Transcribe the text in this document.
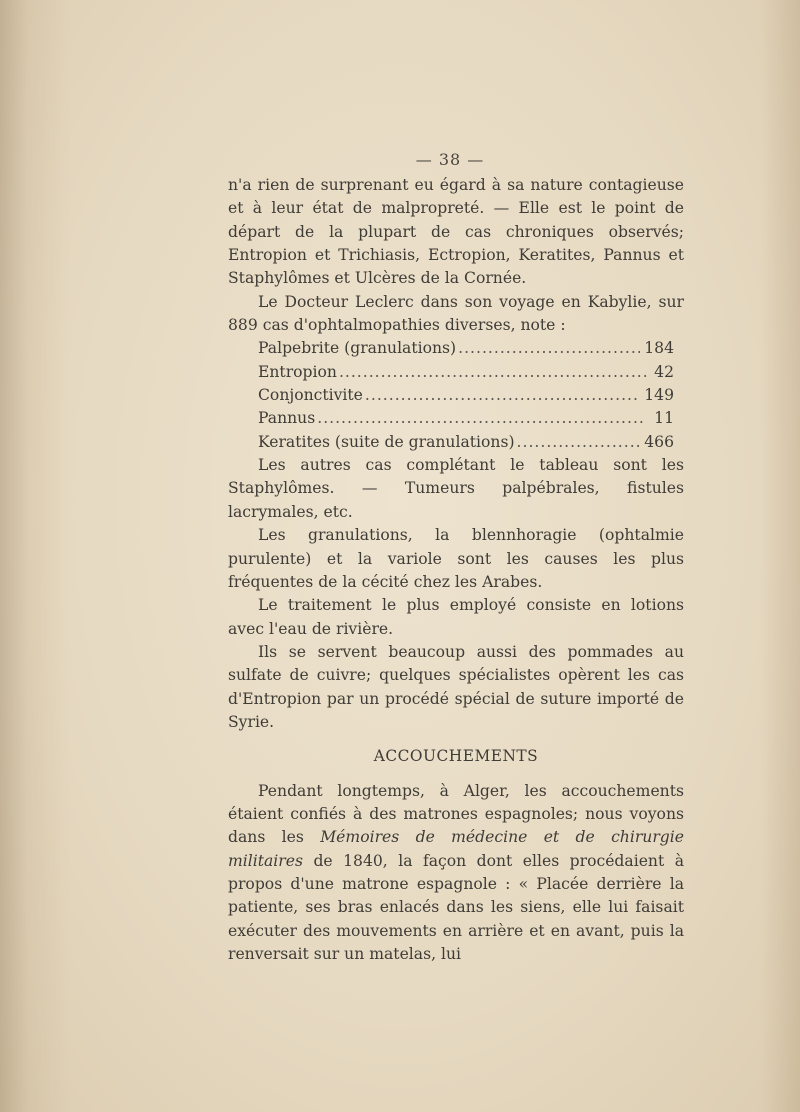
— 38 —

n'a rien de surprenant eu égard à sa nature contagieuse et à leur état de malpropreté. — Elle est le point de départ de la plupart de cas chroniques observés; Entropion et Trichiasis, Ectropion, Keratites, Pannus et Staphylômes et Ulcères de la Cornée.

Le Docteur Leclerc dans son voyage en Kabylie, sur 889 cas d'ophtalmopathies diverses, note :

Palpebrite (granulations) .....	184
Entropion .....	42
Conjonctivite .....	149
Pannus .....	11
Keratites (suite de granulations) .....	466

Les autres cas complétant le tableau sont les Staphylômes. — Tumeurs palpébrales, fistules lacrymales, etc.

Les granulations, la blennhoragie (ophtalmie purulente) et la variole sont les causes les plus fréquentes de la cécité chez les Arabes.

Le traitement le plus employé consiste en lotions avec l'eau de rivière.

Ils se servent beaucoup aussi des pommades au sulfate de cuivre; quelques spécialistes opèrent les cas d'Entropion par un procédé spécial de suture importé de Syrie.

ACCOUCHEMENTS

Pendant longtemps, à Alger, les accouchements étaient confiés à des matrones espagnoles; nous voyons dans les Mémoires de médecine et de chirurgie militaires de 1840, la façon dont elles procédaient à propos d'une matrone espagnole : « Placée derrière la patiente, ses bras enlacés dans les siens, elle lui faisait exécuter des mouvements en arrière et en avant, puis la renversait sur un matelas, lui
